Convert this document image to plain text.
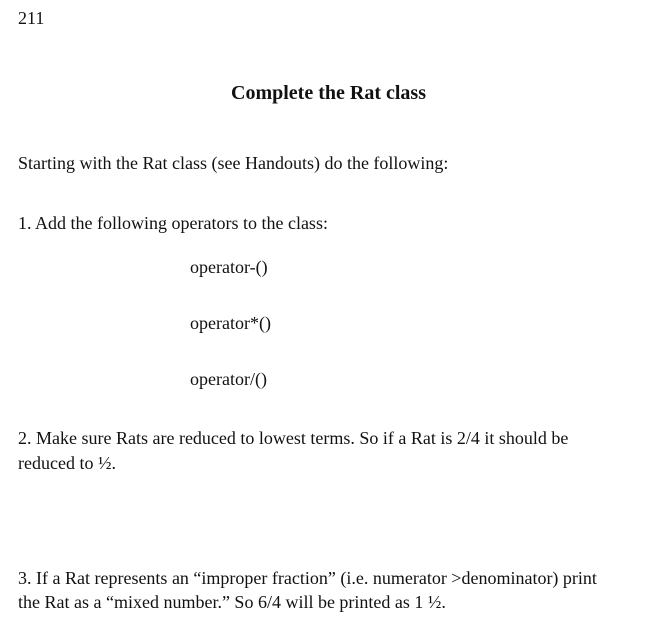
211
Complete the Rat class
Starting with the Rat class (see Handouts) do the following:
1. Add the following operators to the class:
operator-()
operator*()
operator/()
2. Make sure Rats are reduced to lowest terms. So if a Rat is 2/4 it should be
reduced to ½.
3. If a Rat represents an “improper fraction” (i.e. numerator >denominator) print
the Rat as a “mixed number.” So 6/4 will be printed as 1 ½.
